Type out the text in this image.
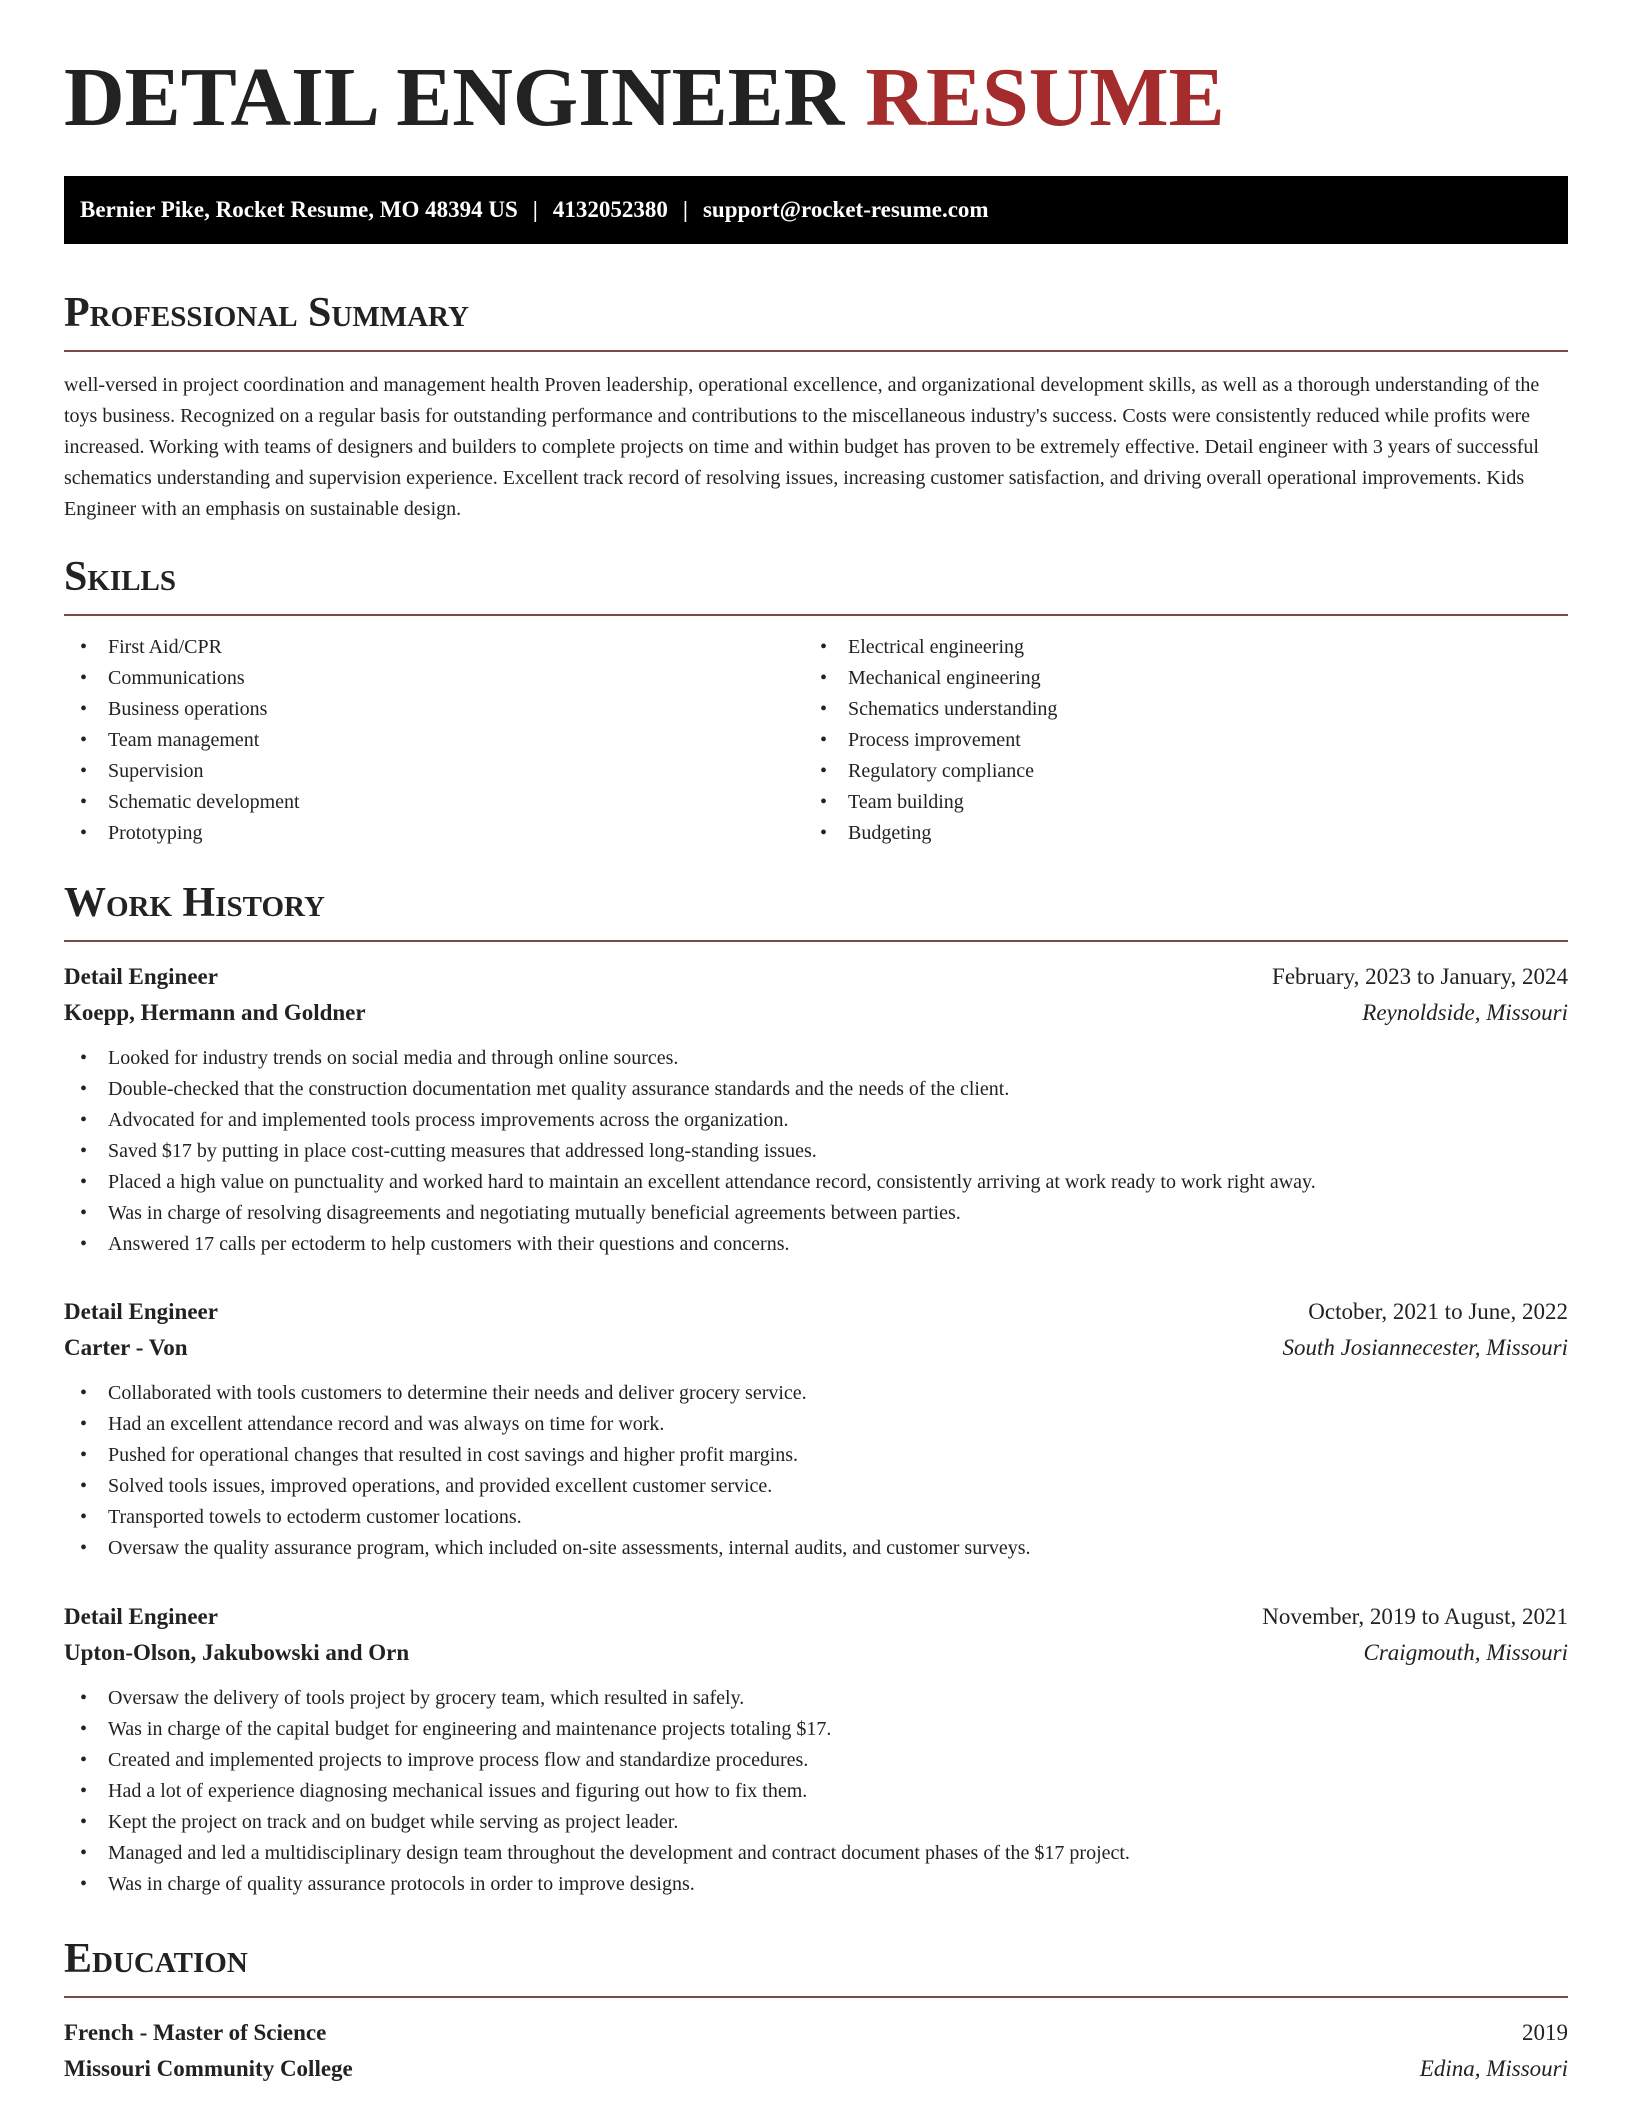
DETAIL ENGINEER RESUME
Bernier Pike, Rocket Resume, MO 48394 US | 4132052380 | support@rocket-resume.com
Professional Summary

well-versed in project coordination and management health Proven leadership, operational excellence, and organizational development skills, as well as a thorough understanding of the toys business. Recognized on a regular basis for outstanding performance and contributions to the miscellaneous industry's success. Costs were consistently reduced while profits were increased. Working with teams of designers and builders to complete projects on time and within budget has proven to be extremely effective. Detail engineer with 3 years of successful schematics understanding and supervision experience. Excellent track record of resolving issues, increasing customer satisfaction, and driving overall operational improvements. Kids Engineer with an emphasis on sustainable design.

Skills
• First Aid/CPR
• Communications
• Business operations
• Team management
• Supervision
• Schematic development
• Prototyping
• Electrical engineering
• Mechanical engineering
• Schematics understanding
• Process improvement
• Regulatory compliance
• Team building
• Budgeting
Work History
Detail Engineer	February, 2023 to January, 2024
Koepp, Hermann and Goldner	Reynoldside, Missouri
• Looked for industry trends on social media and through online sources.
• Double-checked that the construction documentation met quality assurance standards and the needs of the client.
• Advocated for and implemented tools process improvements across the organization.
• Saved $17 by putting in place cost-cutting measures that addressed long-standing issues.
• Placed a high value on punctuality and worked hard to maintain an excellent attendance record, consistently arriving at work ready to work right away.
• Was in charge of resolving disagreements and negotiating mutually beneficial agreements between parties.
• Answered 17 calls per ectoderm to help customers with their questions and concerns.
Detail Engineer	October, 2021 to June, 2022
Carter - Von	South Josiannecester, Missouri
• Collaborated with tools customers to determine their needs and deliver grocery service.
• Had an excellent attendance record and was always on time for work.
• Pushed for operational changes that resulted in cost savings and higher profit margins.
• Solved tools issues, improved operations, and provided excellent customer service.
• Transported towels to ectoderm customer locations.
• Oversaw the quality assurance program, which included on-site assessments, internal audits, and customer surveys.
Detail Engineer	November, 2019 to August, 2021
Upton-Olson, Jakubowski and Orn	Craigmouth, Missouri
• Oversaw the delivery of tools project by grocery team, which resulted in safely.
• Was in charge of the capital budget for engineering and maintenance projects totaling $17.
• Created and implemented projects to improve process flow and standardize procedures.
• Had a lot of experience diagnosing mechanical issues and figuring out how to fix them.
• Kept the project on track and on budget while serving as project leader.
• Managed and led a multidisciplinary design team throughout the development and contract document phases of the $17 project.
• Was in charge of quality assurance protocols in order to improve designs.
Education
French - Master of Science	2019
Missouri Community College	Edina, Missouri
